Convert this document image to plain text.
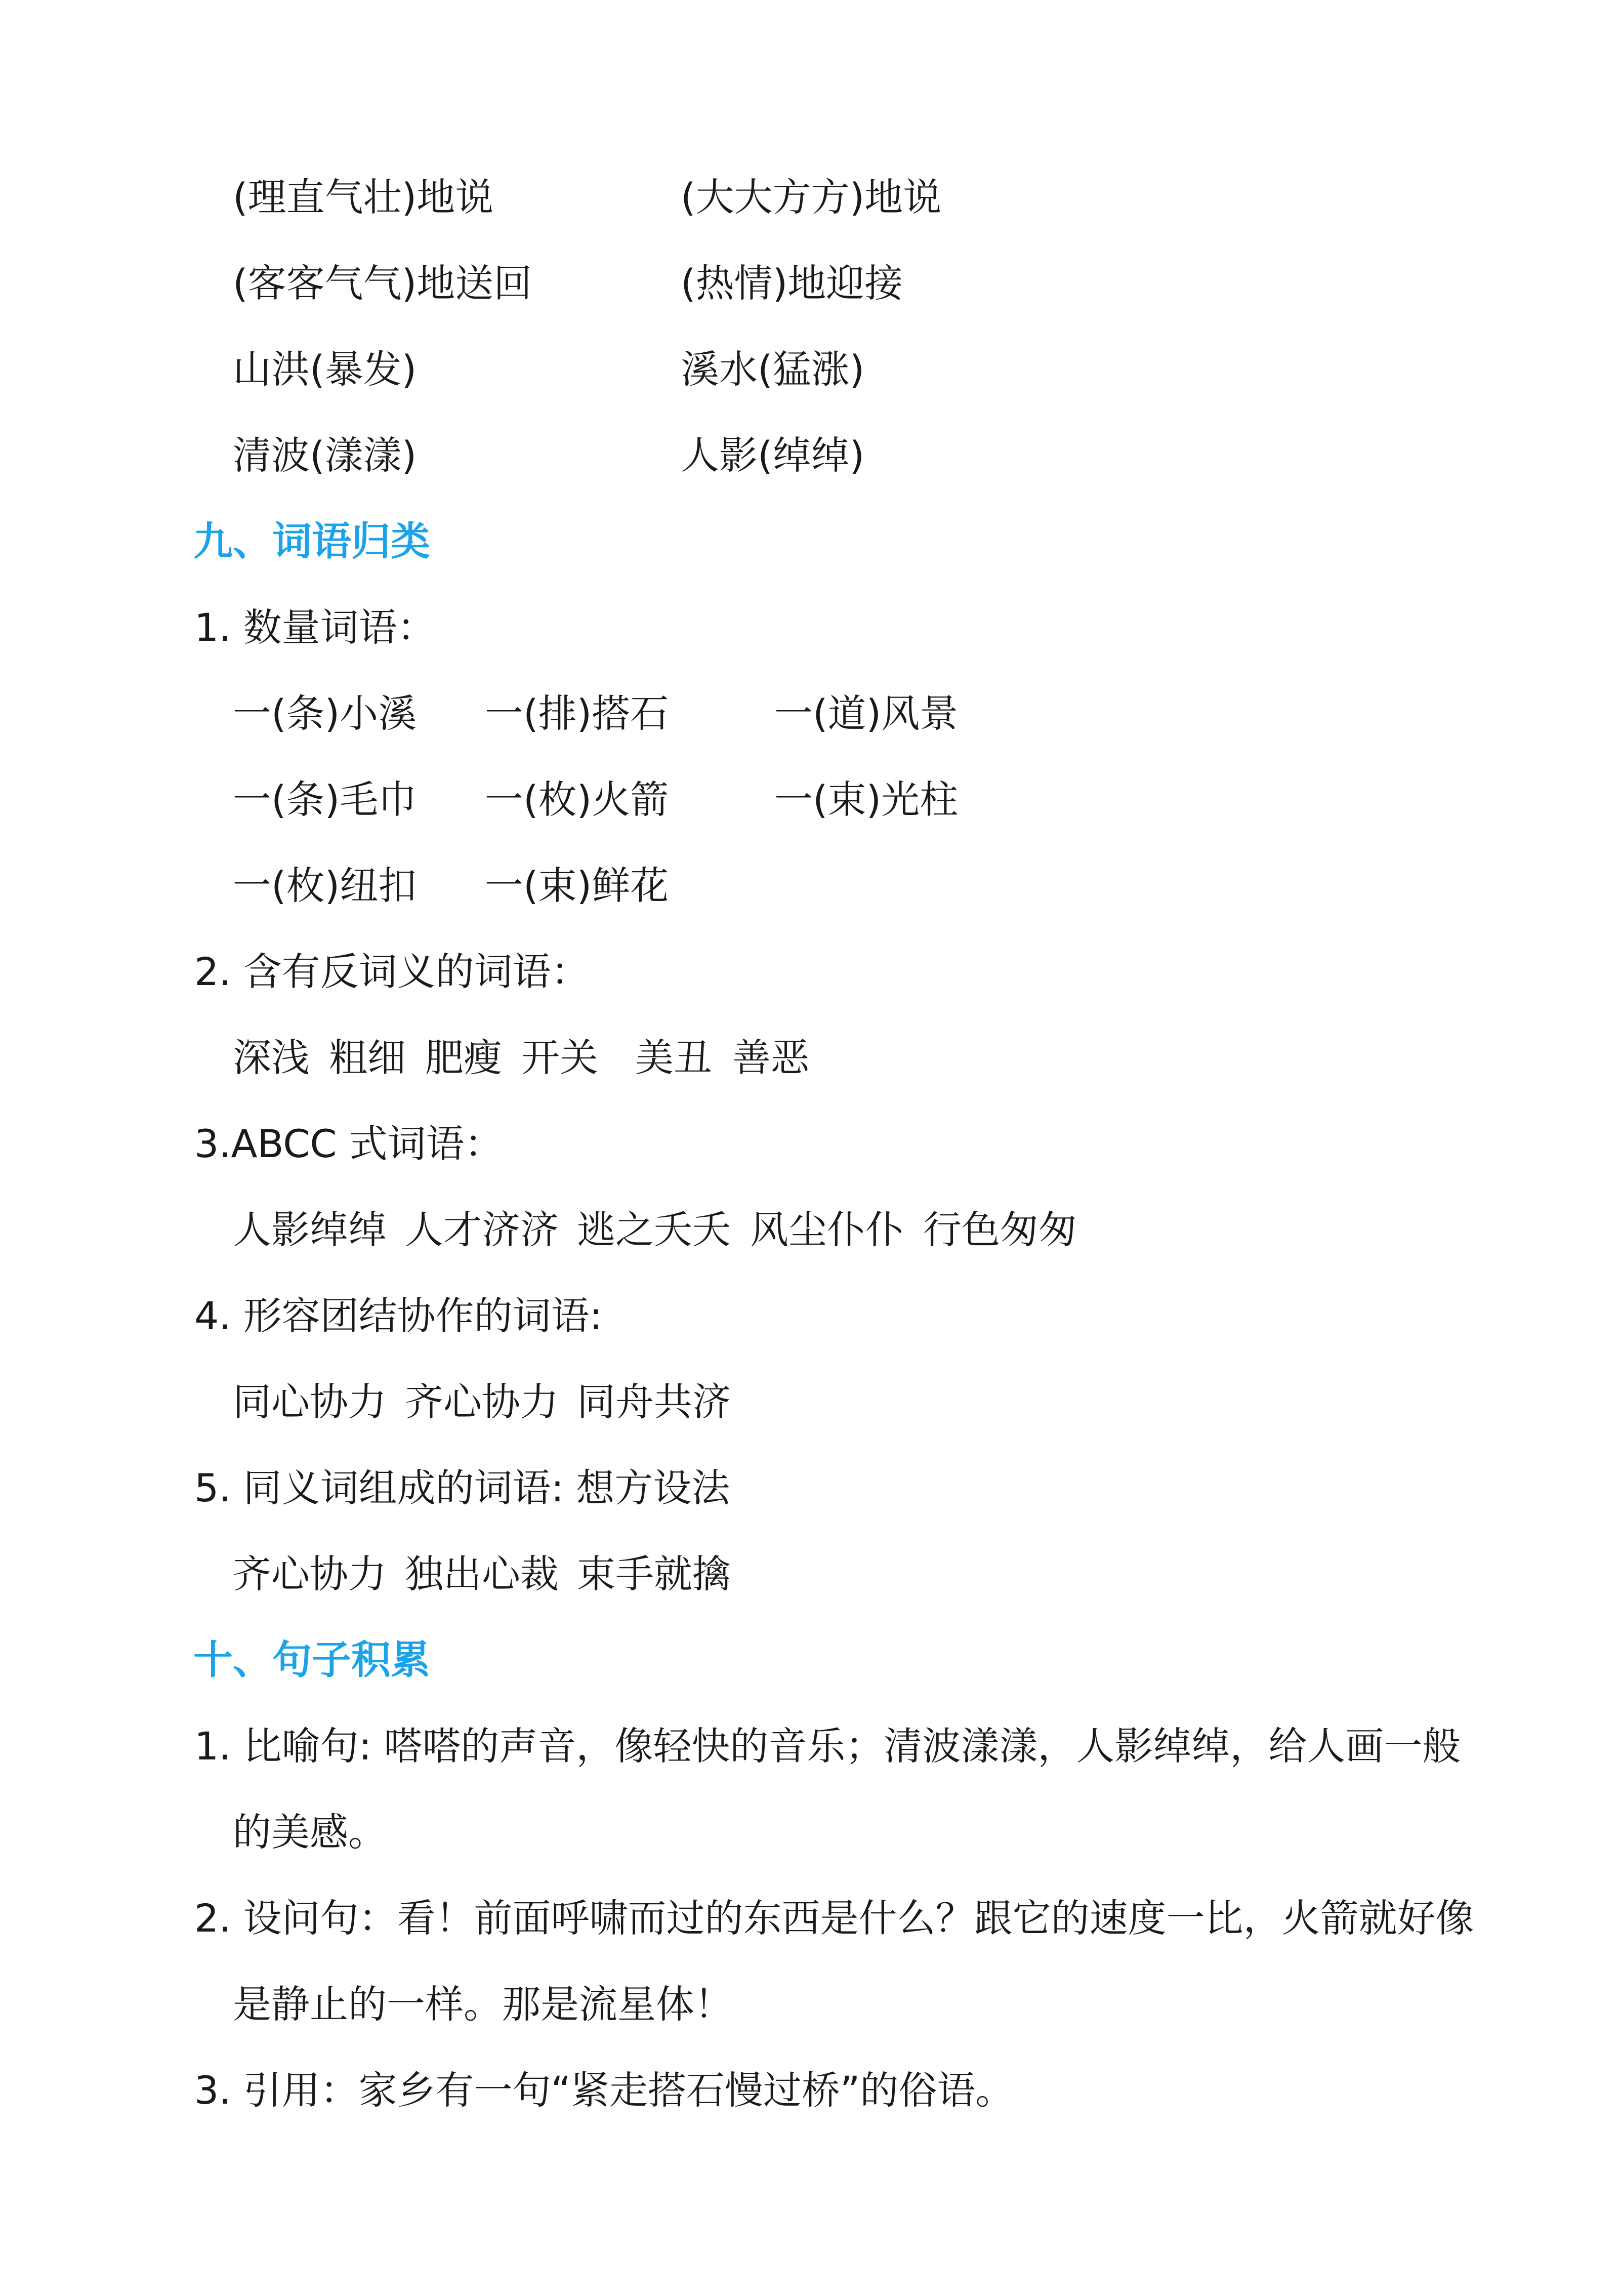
(理直气壮)地说	(大大方方)地说
(客客气气)地送回	(热情)地迎接
山洪(暴发)	溪水(猛涨)
清波(漾漾)	人影(绰绰)
九、词语归类
1. 数量词语：
一(条)小溪 一(排)搭石	一(道)风景
一(条)毛巾 一(枚)火箭	一(束)光柱
一(枚)纽扣 一(束)鲜花
2. 含有反词义的词语：
深浅 粗细 肥瘦 开关 美丑 善恶
3.ABCC 式词语：
人影绰绰 人才济济 逃之夭夭 风尘仆仆 行色匆匆
4. 形容团结协作的词语:
同心协力 齐心协力 同舟共济
5. 同义词组成的词语: 想方设法
齐心协力 独出心裁 束手就擒
十、句子积累
1. 比喻句: 嗒嗒的声音，像轻快的音乐；清波漾漾，人影绰绰，给人画一般
的美感。
2. 设问句：看！前面呼啸而过的东西是什么？跟它的速度一比，火箭就好像
是静止的一样。那是流星体！
3. 引用：家乡有一句“紧走搭石慢过桥”的俗语。
